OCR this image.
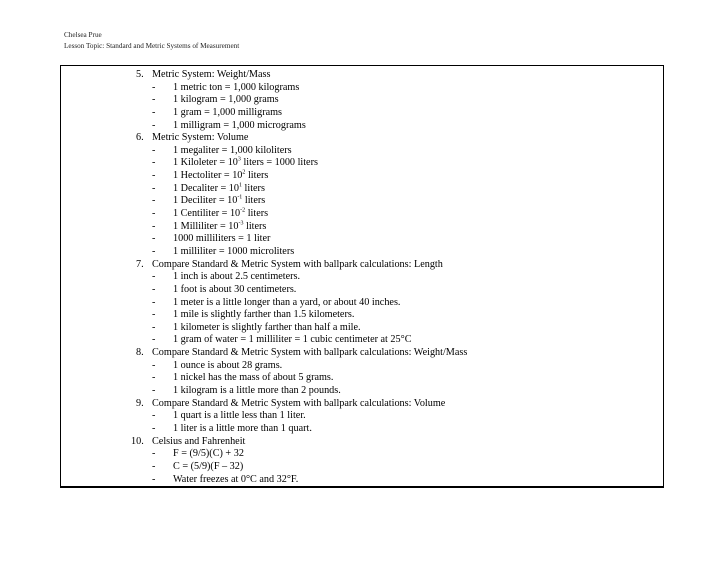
Chelsea Prue
Lesson Topic: Standard and Metric Systems of Measurement
5. Metric System: Weight/Mass
- 1 metric ton = 1,000 kilograms
- 1 kilogram = 1,000 grams
- 1 gram = 1,000 milligrams
- 1 milligram = 1,000 micrograms
6. Metric System: Volume
- 1 megaliter = 1,000 kiloliters
- 1 Kiloleter = $10^3$ liters = 1000 liters
- 1 Hectoliter = $10^2$ liters
- 1 Decaliter = $10^1$ liters
- 1 Deciliter = $10^{-1}$ liters
- 1 Centiliter = $10^{-2}$ liters
- 1 Milliliter = $10^{-3}$ liters
- 1000 milliliters = 1 liter
- 1 milliliter = 1000 microliters
7. Compare Standard & Metric System with ballpark calculations: Length
- 1 inch is about 2.5 centimeters.
- 1 foot is about 30 centimeters.
- 1 meter is a little longer than a yard, or about 40 inches.
- 1 mile is slightly farther than 1.5 kilometers.
- 1 kilometer is slightly farther than half a mile.
- 1 gram of water = 1 milliliter = 1 cubic centimeter at 25°C
8. Compare Standard & Metric System with ballpark calculations: Weight/Mass
- 1 ounce is about 28 grams.
- 1 nickel has the mass of about 5 grams.
- 1 kilogram is a little more than 2 pounds.
9. Compare Standard & Metric System with ballpark calculations: Volume
- 1 quart is a little less than 1 liter.
- 1 liter is a little more than 1 quart.
10. Celsius and Fahrenheit
- F = (9/5)(C) + 32
- C = (5/9)(F – 32)
- Water freezes at 0°C and 32°F.
